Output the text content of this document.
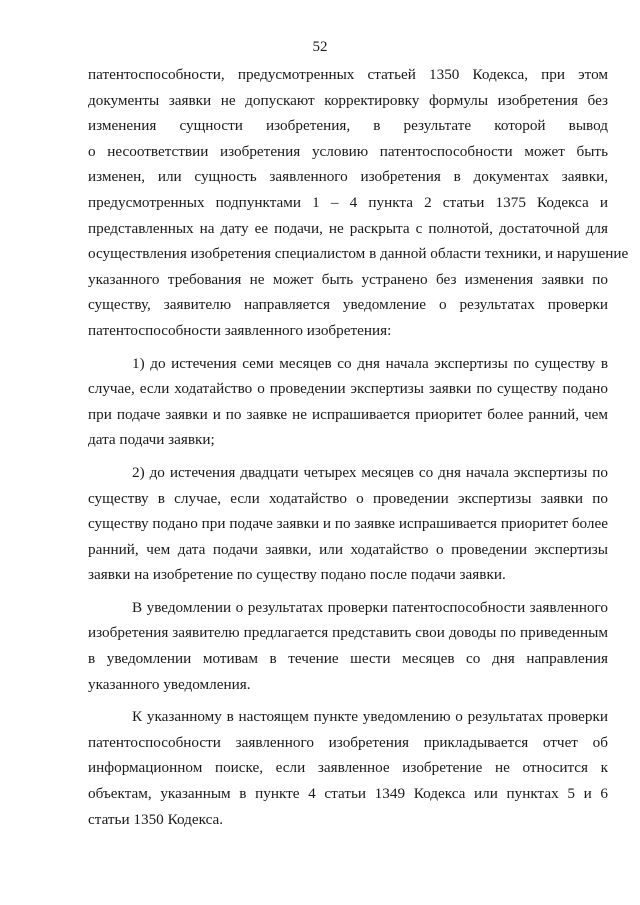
52

патентоспособности, предусмотренных статьей 1350 Кодекса, при этом
документы заявки не допускают корректировку формулы изобретения без
изменения сущности изобретения, в результате которой вывод
о несоответствии изобретения условию патентоспособности может быть
изменен, или сущность заявленного изобретения в документах заявки,
предусмотренных подпунктами 1 – 4 пункта 2 статьи 1375 Кодекса и
представленных на дату ее подачи, не раскрыта с полнотой, достаточной для
осуществления изобретения специалистом в данной области техники, и нарушение
указанного требования не может быть устранено без изменения заявки по
существу, заявителю направляется уведомление о результатах проверки
патентоспособности заявленного изобретения:

1) до истечения семи месяцев со дня начала экспертизы по существу в
случае, если ходатайство о проведении экспертизы заявки по существу подано
при подаче заявки и по заявке не испрашивается приоритет более ранний, чем
дата подачи заявки;

2) до истечения двадцати четырех месяцев со дня начала экспертизы по
существу в случае, если ходатайство о проведении экспертизы заявки по
существу подано при подаче заявки и по заявке испрашивается приоритет более
ранний, чем дата подачи заявки, или ходатайство о проведении экспертизы
заявки на изобретение по существу подано после подачи заявки.

В уведомлении о результатах проверки патентоспособности заявленного
изобретения заявителю предлагается представить свои доводы по приведенным
в уведомлении мотивам в течение шести месяцев со дня направления
указанного уведомления.

К указанному в настоящем пункте уведомлению о результатах проверки
патентоспособности заявленного изобретения прикладывается отчет об
информационном поиске, если заявленное изобретение не относится к
объектам, указанным в пункте 4 статьи 1349 Кодекса или пунктах 5 и 6
статьи 1350 Кодекса.
